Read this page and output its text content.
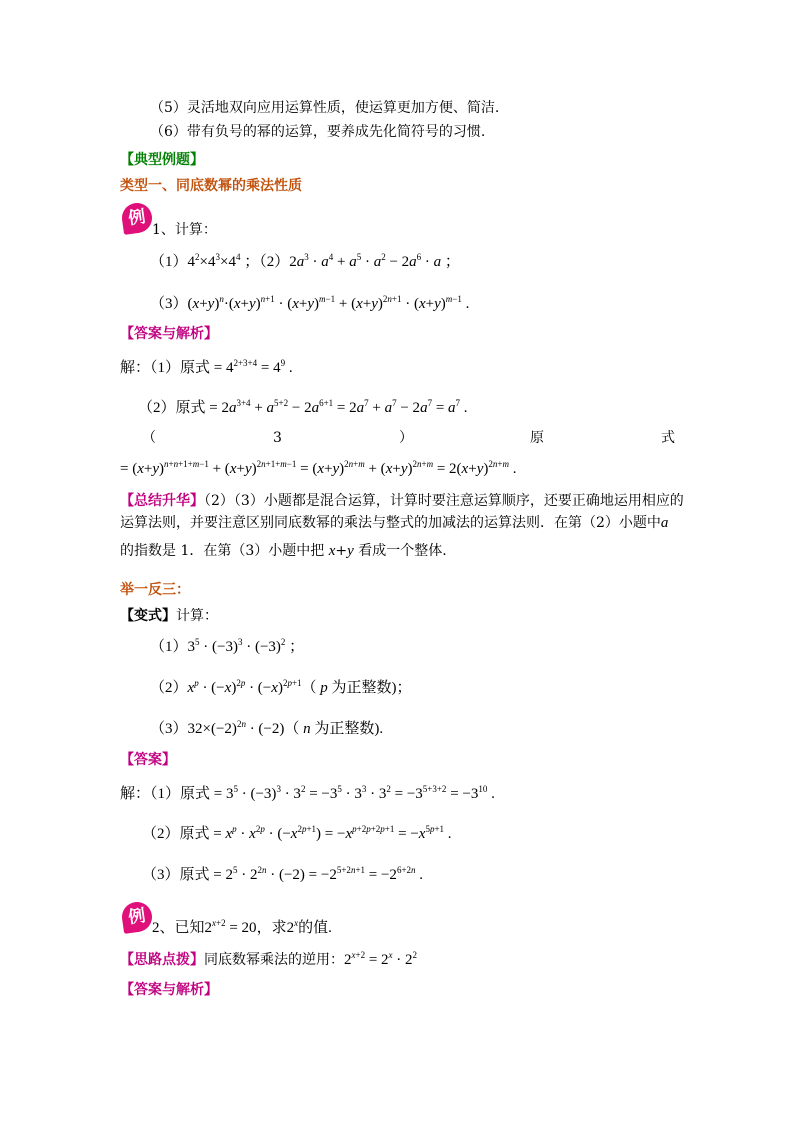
（5）灵活地双向应用运算性质，使运算更加方便、简洁.
（6）带有负号的幂的运算，要养成先化简符号的习惯.
【典型例题】
类型一、同底数幂的乘法性质
例
1、计算：
$(1)4^2\times 4^3\times 4^4$ ；$(2)2a^3 \cdot a^4 + a^5 \cdot a^2 - 2a^6 \cdot a$ ；
$(3)(x+y)^n\cdot(x+y)^{n+1} \cdot (x+y)^{m-1} + (x+y)^{2n+1} \cdot (x+y)^{m-1}$ .
【答案与解析】
解：（1）原式 = $4^{2+3+4} = 4^9$ .
（2）原式 = $2a^{3+4} + a^{5+2} - 2a^{6+1} = 2a^7 + a^7 - 2a^7 = a^7$ .
（	3	）	原	式
= $(x+y)^{n+n+1+m-1} + (x+y)^{2n+1+m-1} = (x+y)^{2n+m} + (x+y)^{2n+m} = 2(x+y)^{2n+m}$ .
【总结升华】（2）（3）小题都是混合运算，计算时要注意运算顺序，还要正确地运用相应的
运算法则，并要注意区别同底数幂的乘法与整式的加减法的运算法则．在第（2）小题中a
的指数是 1．在第（3）小题中把 x+y 看成一个整体.
举一反三：
【变式】计算：
$(1)3^5 \cdot (-3)^3 \cdot (-3)^2$ ；
$(2)x^p \cdot (-x)^{2p} \cdot (-x)^{2p+1}$（ p 为正整数)；
$(3)32\times(-2)^{2n} \cdot (-2)$（ n 为正整数).
【答案】
解：（1）原式 = $3^5 \cdot (-3)^3 \cdot 3^2 = -3^5 \cdot 3^3 \cdot 3^2 = -3^{5+3+2} = -3^{10}$ .
（2）原式 = $x^p \cdot x^{2p} \cdot (-x^{2p+1}) = -x^{p+2p+2p+1} = -x^{5p+1}$ .
（3）原式 = $2^5 \cdot 2^{2n} \cdot (-2) = -2^{5+2n+1} = -2^{6+2n}$ .
例 2、已知$2^{x+2} = 20$，求2$^x$的值.
【思路点拨】同底数幂乘法的逆用：$2^{x+2} = 2^x \cdot 2^2$
【答案与解析】
